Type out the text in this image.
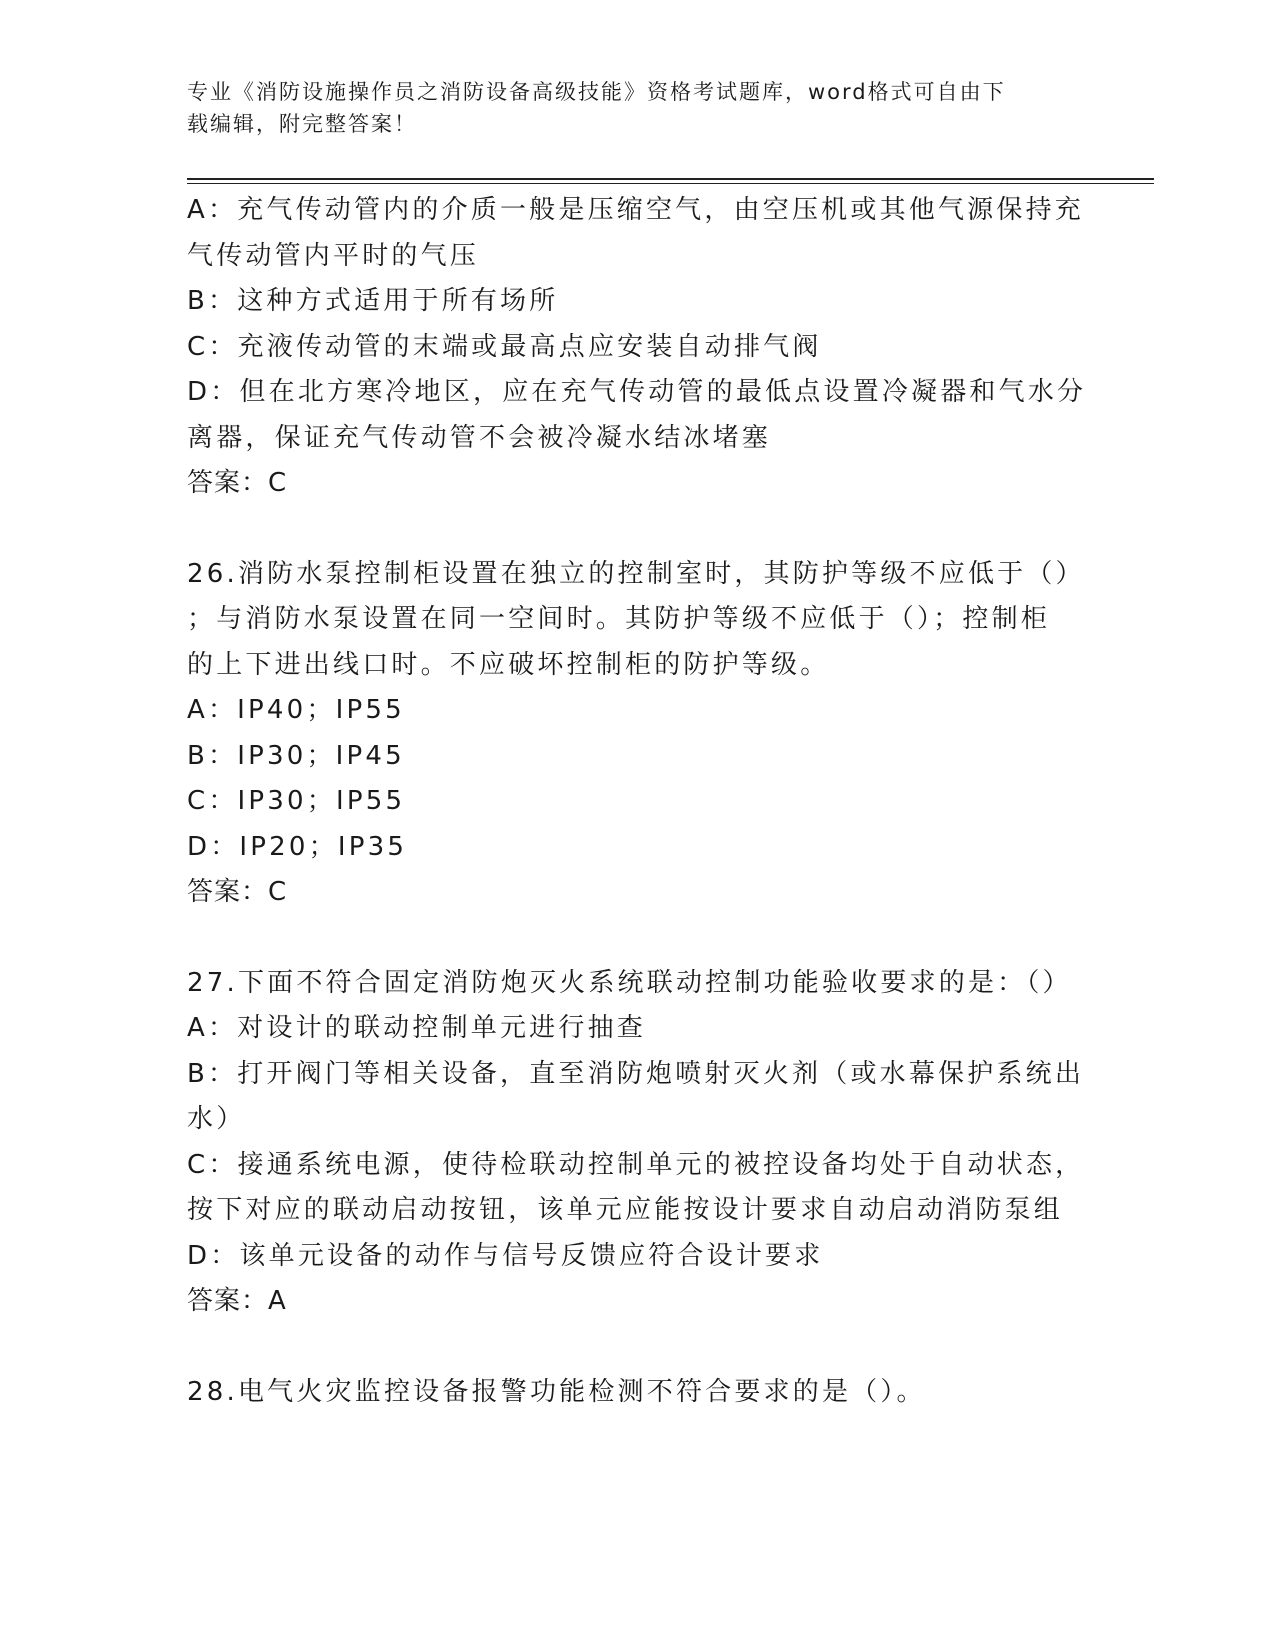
专业《消防设施操作员之消防设备高级技能》资格考试题库，word格式可自由下
载编辑，附完整答案！

A：充气传动管内的介质一般是压缩空气，由空压机或其他气源保持充

气传动管内平时的气压

B：这种方式适用于所有场所

C：充液传动管的末端或最高点应安装自动排气阀

D：但在北方寒冷地区，应在充气传动管的最低点设置冷凝器和气水分

离器，保证充气传动管不会被冷凝水结冰堵塞

答案：C

26.消防水泵控制柜设置在独立的控制室时，其防护等级不应低于（）

；与消防水泵设置在同一空间时。其防护等级不应低于（）；控制柜

的上下进出线口时。不应破坏控制柜的防护等级。

A：IP40；IP55

B：IP30；IP45

C：IP30；IP55

D：IP20；IP35

答案：C

27.下面不符合固定消防炮灭火系统联动控制功能验收要求的是：（）

A：对设计的联动控制单元进行抽查

B：打开阀门等相关设备，直至消防炮喷射灭火剂（或水幕保护系统出

水）

C：接通系统电源，使待检联动控制单元的被控设备均处于自动状态，

按下对应的联动启动按钮，该单元应能按设计要求自动启动消防泵组

D：该单元设备的动作与信号反馈应符合设计要求

答案：A

28.电气火灾监控设备报警功能检测不符合要求的是（）。
